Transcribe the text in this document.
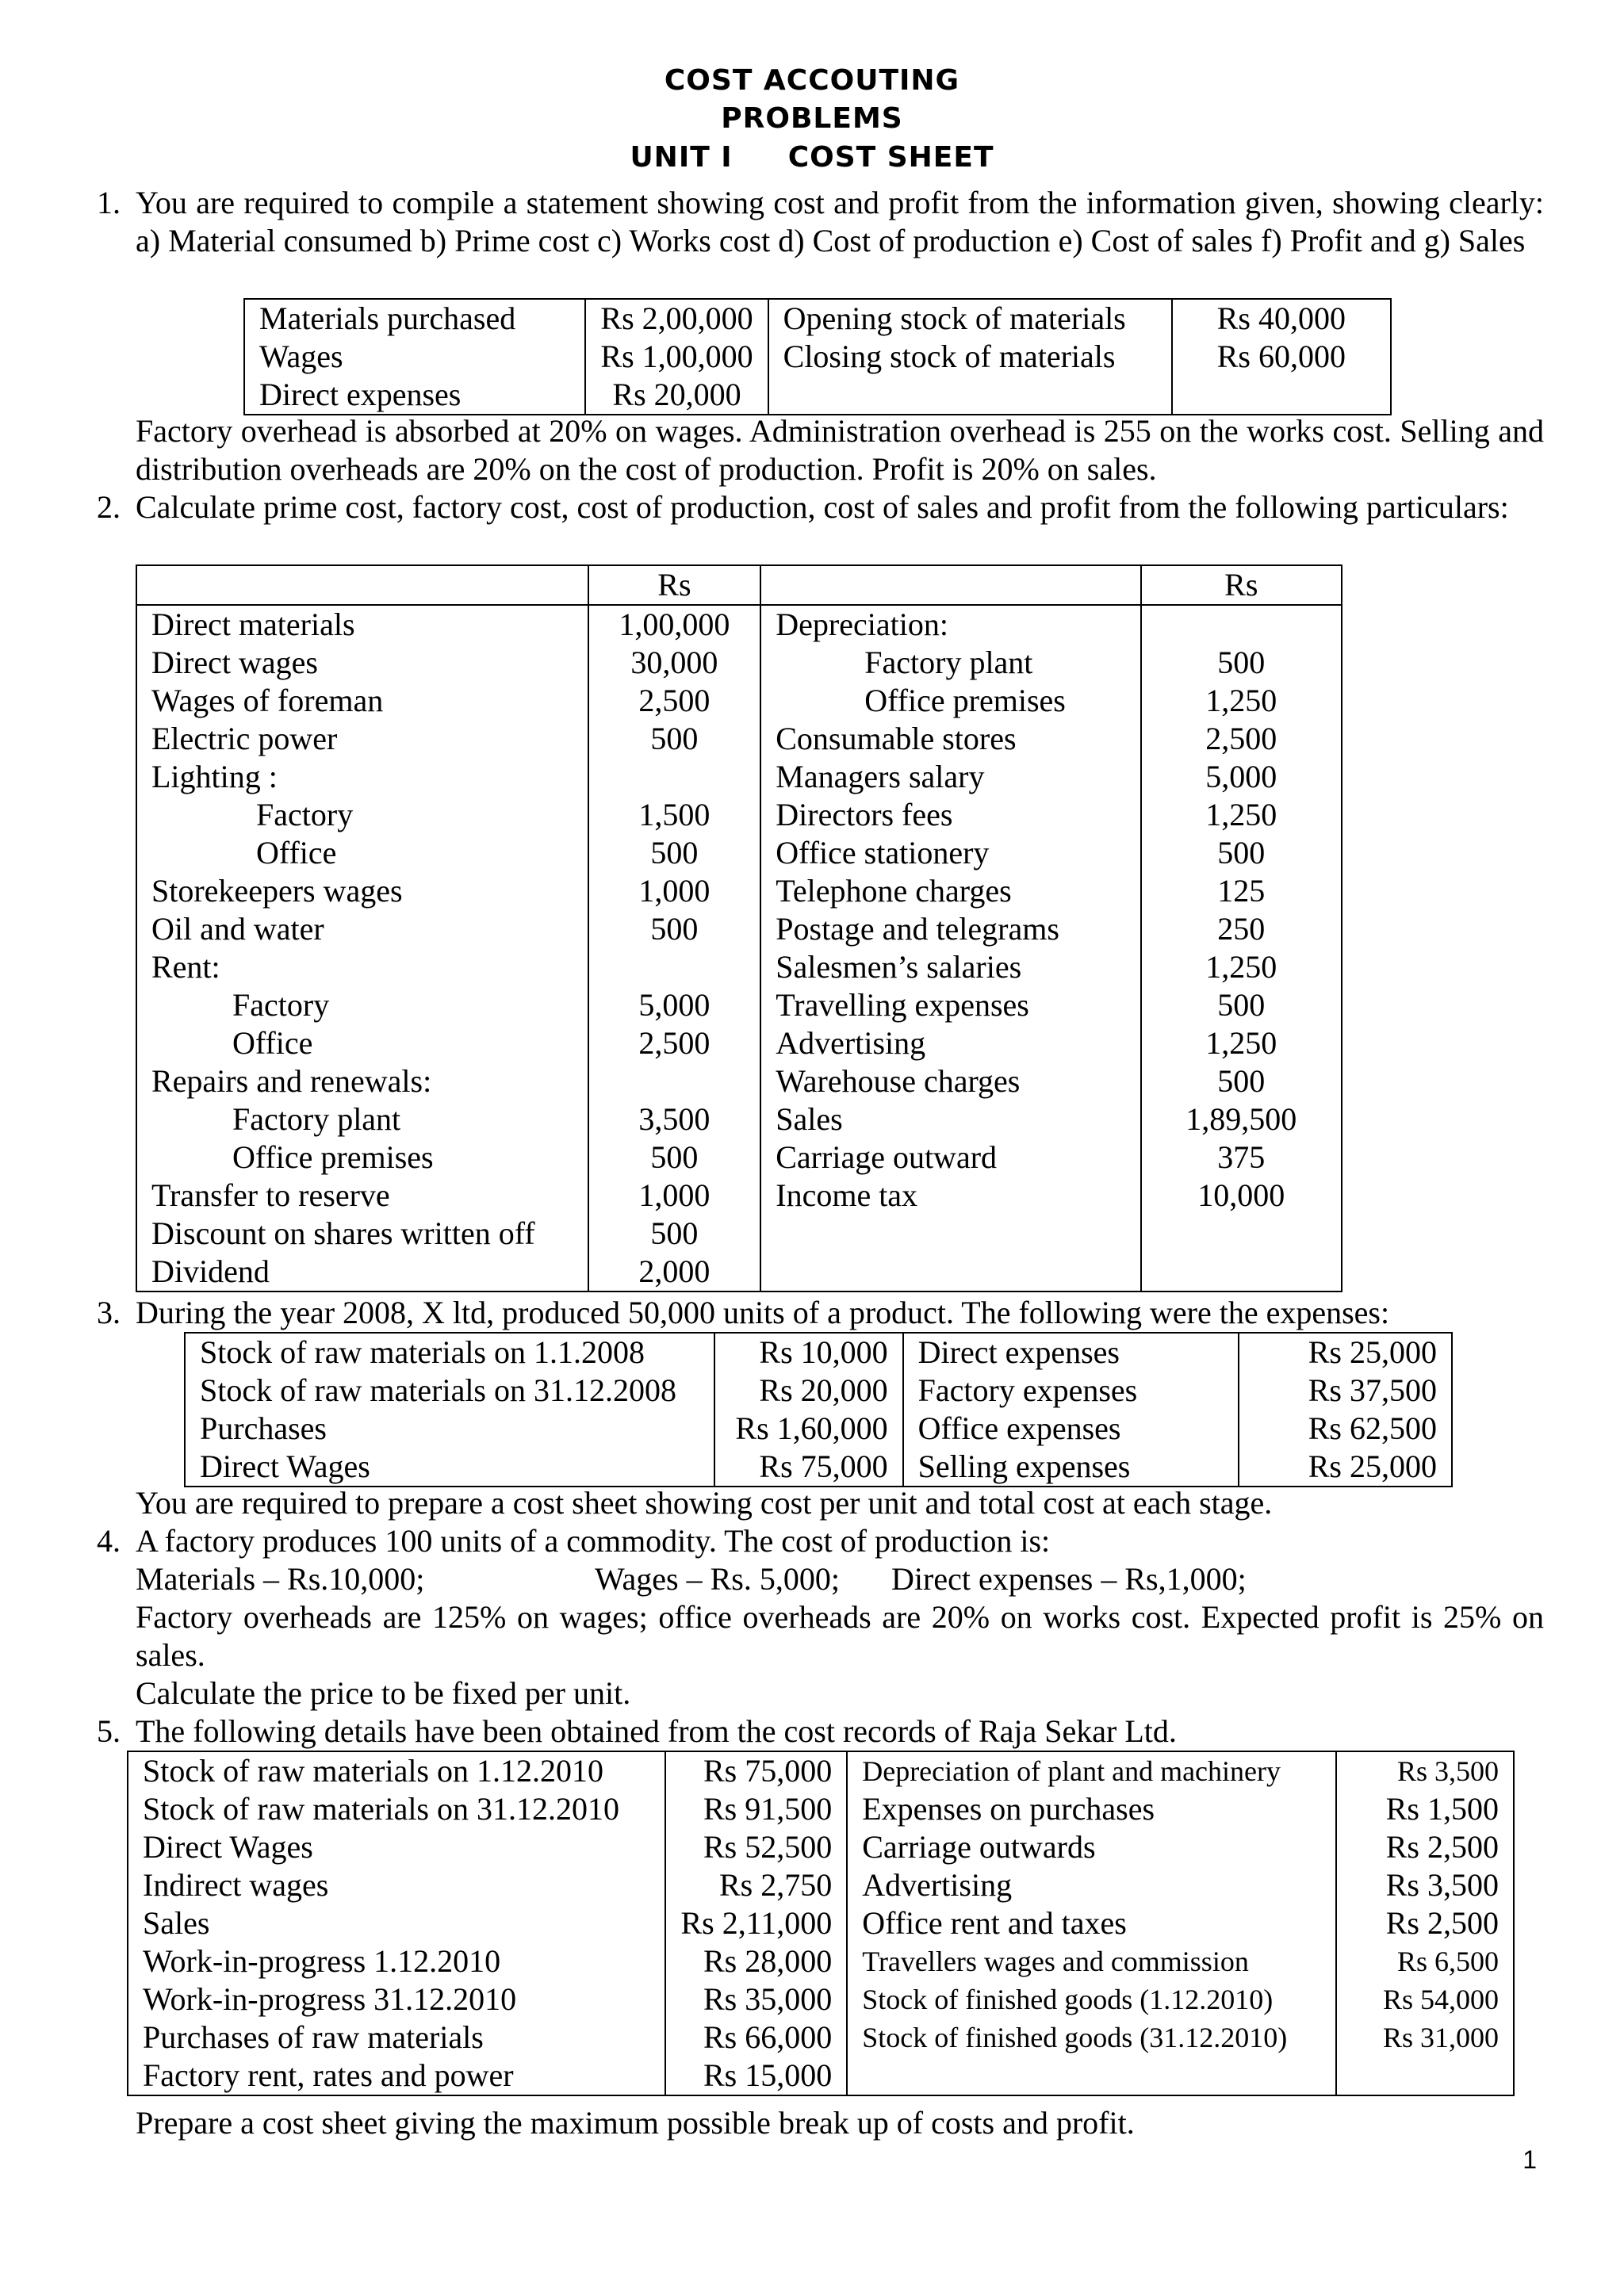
COST ACCOUTING
PROBLEMS
UNIT I COST SHEET
1. You are required to compile a statement showing cost and profit from the information given, showing clearly: a) Material consumed b) Prime cost c) Works cost d) Cost of production e) Cost of sales f) Profit and g) Sales
Materials purchased	Rs 2,00,000	Opening stock of materials	Rs 40,000
Wages	Rs 1,00,000	Closing stock of materials	Rs 60,000
Direct expenses	Rs 20,000		
Factory overhead is absorbed at 20% on wages. Administration overhead is 255 on the works cost. Selling and distribution overheads are 20% on the cost of production. Profit is 20% on sales.
2. Calculate prime cost, factory cost, cost of production, cost of sales and profit from the following particulars:
	Rs		Rs
Direct materials	1,00,000	Depreciation:	
Direct wages	30,000	Factory plant	500
Wages of foreman	2,500	Office premises	1,250
Electric power	500	Consumable stores	2,500
Lighting :		Managers salary	5,000
Factory	1,500	Directors fees	1,250
Office	500	Office stationery	500
Storekeepers wages	1,000	Telephone charges	125
Oil and water	500	Postage and telegrams	250
Rent:		Salesmen’s salaries	1,250
Factory	5,000	Travelling expenses	500
Office	2,500	Advertising	1,250
Repairs and renewals:		Warehouse charges	500
Factory plant	3,500	Sales	1,89,500
Office premises	500	Carriage outward	375
Transfer to reserve	1,000	Income tax	10,000
Discount on shares written off	500		
Dividend	2,000		
3. During the year 2008, X ltd, produced 50,000 units of a product. The following were the expenses:
Stock of raw materials on 1.1.2008	Rs 10,000	Direct expenses	Rs 25,000
Stock of raw materials on 31.12.2008	Rs 20,000	Factory expenses	Rs 37,500
Purchases	Rs 1,60,000	Office expenses	Rs 62,500
Direct Wages	Rs 75,000	Selling expenses	Rs 25,000
You are required to prepare a cost sheet showing cost per unit and total cost at each stage.
4. A factory produces 100 units of a commodity. The cost of production is:
Materials – Rs.10,000;	Wages – Rs. 5,000; Direct expenses – Rs,1,000;
Factory overheads are 125% on wages; office overheads are 20% on works cost. Expected profit is 25% on sales.
Calculate the price to be fixed per unit.
5. The following details have been obtained from the cost records of Raja Sekar Ltd.
Stock of raw materials on 1.12.2010	Rs 75,000	Depreciation of plant and machinery	Rs 3,500
Stock of raw materials on 31.12.2010	Rs 91,500	Expenses on purchases	Rs 1,500
Direct Wages	Rs 52,500	Carriage outwards	Rs 2,500
Indirect wages	Rs 2,750	Advertising	Rs 3,500
Sales	Rs 2,11,000	Office rent and taxes	Rs 2,500
Work-in-progress 1.12.2010	Rs 28,000	Travellers wages and commission	Rs 6,500
Work-in-progress 31.12.2010	Rs 35,000	Stock of finished goods (1.12.2010)	Rs 54,000
Purchases of raw materials	Rs 66,000	Stock of finished goods (31.12.2010)	Rs 31,000
Factory rent, rates and power	Rs 15,000		
Prepare a cost sheet giving the maximum possible break up of costs and profit.
1
